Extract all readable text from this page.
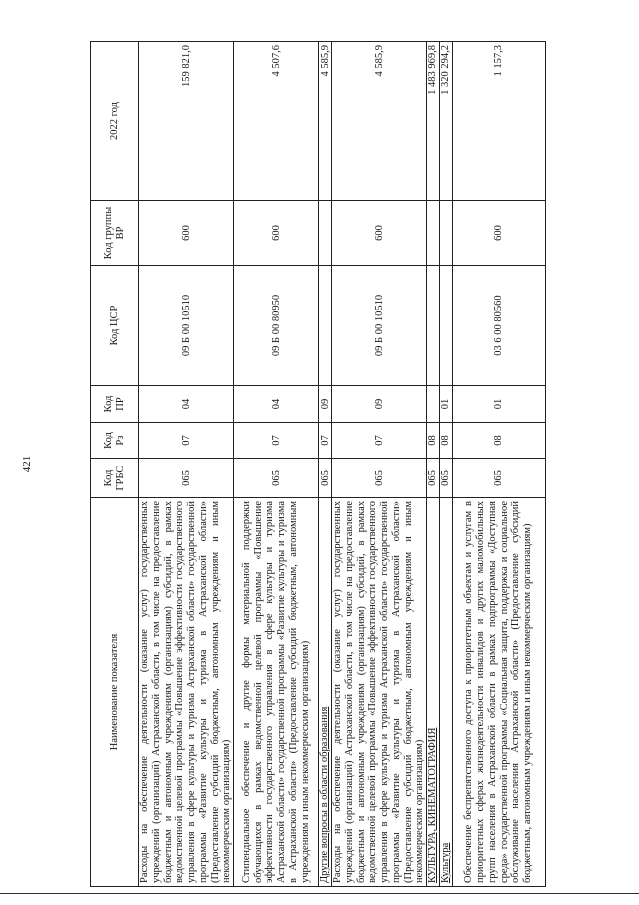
421
Наименование показателя	Код ГРБС	Код Рз	Код ПР	Код ЦСР	Код группы ВР	2022 год
Расходы на обеспечение деятельности (оказание услуг) государственных учреждений (организаций) Астраханской области, в том числе на предоставление бюджетным и автономным учреждениям (организациям) субсидий, в рамках ведомственной целевой программы «Повышение эффективности государственного управления в сфере культуры и туризма Астраханской области» государственной программы «Развитие культуры и туризма в Астраханской области» (Предоставление субсидий бюджетным, автономным учреждениям и иным некоммерческим организациям)	065	07	04	09 Б 00 10510	600	159 821,0
Стипендиальное обеспечение и другие формы материальной поддержки обучающихся в рамках ведомственной целевой программы «Повышение эффективности государственного управления в сфере культуры и туризма Астраханской области» государственной программы «Развитие культуры и туризма в Астраханской области» (Предоставление субсидий бюджетным, автономным учреждениям и иным некоммерческим организациям)	065	07	04	09 Б 00 80950	600	4 507,6
Другие вопросы в области образования	065	07	09			4 585,9
Расходы на обеспечение деятельности (оказание услуг) государственных учреждений (организаций) Астраханской области, в том числе на предоставление бюджетным и автономным учреждениям (организациям) субсидий, в рамках ведомственной целевой программы «Повышение эффективности государственного управления в сфере культуры и туризма Астраханской области» государственной программы «Развитие культуры и туризма в Астраханской области» (Предоставление субсидий бюджетным, автономным учреждениям и иным некоммерческим организациям)	065	07	09	09 Б 00 10510	600	4 585,9
КУЛЬТУРА, КИНЕМАТОГРАФИЯ	065	08				1 483 969,8
Культура	065	08	01			1 320 294,2
Обеспечение беспрепятственного доступа к приоритетным объектам и услугам в приоритетных сферах жизнедеятельности инвалидов и других маломобильных групп населения в Астраханской области в рамках подпрограммы «Доступная среда» государственной программы «Социальная защита, поддержка и социальное обслуживание населения Астраханской области» (Предоставление субсидий бюджетным, автономным учреждениям и иным некоммерческим организациям)	065	08	01	03 6 00 80560	600	1 157,3
